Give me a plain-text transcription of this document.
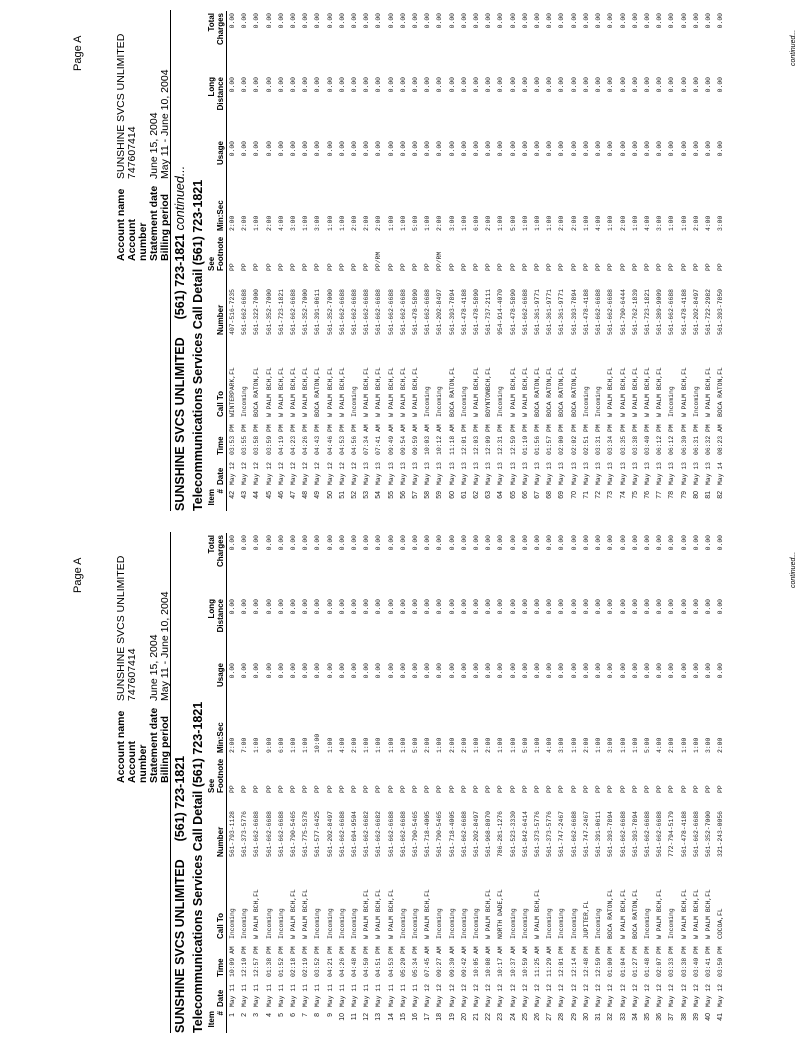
Page A
Account name
SUNSHINE SVCS UNLIMITED
Account number
747607414
Statement date
June 15, 2004
Billing period
May 11 - June 10, 2004
SUNSHINE SVCS UNLIMITED(561) 723-1821 Telecommunications Services Call Detail (561) 723-1821 Item #	Date	Time	Call To	Number	See
Footnote	Min:Sec	Usage	Long
Distance	Total
Charges
1	May 11	10:09 AM	Incoming	561-793-1128	PP	2:00	0.00	0.00	0.00
2	May 11	12:10 PM	Incoming	561-373-5776	PP	7:00	0.00	0.00	0.00
3	May 11	12:57 PM	W PALM BCH,FL	561-662-6688	PP	1:00	0.00	0.00	0.00
4	May 11	01:38 PM	Incoming	561-662-6688	PP	9:00	0.00	0.00	0.00
5	May 11	01:52 PM	Incoming	561-662-6688	PP	6:00	0.00	0.00	0.00
6	May 11	02:18 PM	W PALM BCH,FL	561-790-5465	PP	1:00	0.00	0.00	0.00
7	May 11	02:19 PM	W PALM BCH,FL	561-775-5378	PP	1:00	0.00	0.00	0.00
8	May 11	03:52 PM	Incoming	561-577-6425	PP	10:00	0.00	0.00	0.00
9	May 11	04:21 PM	Incoming	561-202-8497	PP	1:00	0.00	0.00	0.00
10	May 11	04:26 PM	Incoming	561-662-6688	PP	4:00	0.00	0.00	0.00
11	May 11	04:48 PM	Incoming	561-694-9504	PP	2:00	0.00	0.00	0.00
12	May 11	04:50 PM	W PALM BCH,FL	561-662-6682	PP	1:00	0.00	0.00	0.00
13	May 11	04:51 PM	W PALM BCH,FL	561-662-6682	PP	1:00	0.00	0.00	0.00
14	May 11	04:53 PM	W PALM BCH,FL	561-662-6688	PP	1:00	0.00	0.00	0.00
15	May 11	05:20 PM	Incoming	561-662-6688	PP	1:00	0.00	0.00	0.00
16	May 11	05:34 PM	Incoming	561-790-5465	PP	5:00	0.00	0.00	0.00
17	May 12	07:45 AM	W PALM BCH,FL	561-718-4005	PP	2:00	0.00	0.00	0.00
18	May 12	09:27 AM	Incoming	561-790-5465	PP	1:00	0.00	0.00	0.00
19	May 12	09:30 AM	Incoming	561-718-4005	PP	2:00	0.00	0.00	0.00
20	May 12	09:42 AM	Incoming	561-662-6688	PP	2:00	0.00	0.00	0.00
21	May 12	10:05 AM	Incoming	561-202-8497	PP	1:00	0.00	0.00	0.00
22	May 12	10:08 AM	W PALM BCH,FL	561-968-8070	PP	2:00	0.00	0.00	0.00
23	May 12	10:17 AM	NORTH DADE,FL	786-281-1276	PP	1:00	0.00	0.00	0.00
24	May 12	10:37 AM	Incoming	561-523-3330	PP	1:00	0.00	0.00	0.00
25	May 12	10:59 AM	Incoming	561-842-6414	PP	5:00	0.00	0.00	0.00
26	May 12	11:25 AM	W PALM BCH,FL	561-373-5776	PP	1:00	0.00	0.00	0.00
27	May 12	11:29 AM	Incoming	561-373-5776	PP	4:00	0.00	0.00	0.00
28	May 12	12:01 PM	Incoming	561-747-2467	PP	3:00	0.00	0.00	0.00
29	May 12	12:14 PM	Incoming	561-662-6688	PP	1:00	0.00	0.00	0.00
30	May 12	12:48 PM	JUPITER,FL	561-747-2467	PP	2:00	0.00	0.00	0.00
31	May 12	12:59 PM	Incoming	561-391-0611	PP	1:00	0.00	0.00	0.00
32	May 12	01:00 PM	BOCA RATON,FL	561-393-7894	PP	3:00	0.00	0.00	0.00
33	May 12	01:04 PM	W PALM BCH,FL	561-662-6688	PP	1:00	0.00	0.00	0.00
34	May 12	01:27 PM	BOCA RATON,FL	561-393-7894	PP	1:00	0.00	0.00	0.00
35	May 12	01:48 PM	Incoming	561-662-6688	PP	5:00	0.00	0.00	0.00
36	May 12	02:07 PM	W PALM BCH,FL	561-662-6688	PP	4:00	0.00	0.00	0.00
37	May 12	03:33 PM	Incoming	772-794-5179	PP	2:00	0.00	0.00	0.00
38	May 12	03:38 PM	W PALM BCH,FL	561-478-4188	PP	1:00	0.00	0.00	0.00
39	May 12	03:40 PM	W PALM BCH,FL	561-662-6688	PP	1:00	0.00	0.00	0.00
40	May 12	03:41 PM	W PALM BCH,FL	561-352-7000	PP	3:00	0.00	0.00	0.00
41	May 12	03:50 PM	COCOA,FL	321-243-0056	PP	2:00	0.00	0.00	0.00
continued...
Page A
Account name
SUNSHINE SVCS UNLIMITED
Account number
747607414
Statement date
June 15, 2004
Billing period
May 11 - June 10, 2004
SUNSHINE SVCS UNLIMITED(561) 723-1821 continued... Telecommunications Services Call Detail (561) 723-1821 Item #	Date	Time	Call To	Number	See
Footnote	Min:Sec	Usage	Long
Distance	Total
Charges
42	May 12	03:53 PM	WINTERPARK,FL	407-516-7235	PP	2:00	0.00	0.00	0.00
43	May 12	03:55 PM	Incoming	561-662-6688	PP	2:00	0.00	0.00	0.00
44	May 12	03:58 PM	BOCA RATON,FL	561-322-7000	PP	1:00	0.00	0.00	0.00
45	May 12	03:59 PM	W PALM BCH,FL	561-352-7000	PP	2:00	0.00	0.00	0.00
46	May 12	04:19 PM	W PALM BCH,FL	561-723-1821	PP	4:00	0.00	0.00	0.00
47	May 12	04:23 PM	W PALM BCH,FL	561-662-6688	PP	3:00	0.00	0.00	0.00
48	May 12	04:26 PM	W PALM BCH,FL	561-352-7000	PP	1:00	0.00	0.00	0.00
49	May 12	04:43 PM	BOCA RATON,FL	561-391-0611	PP	3:00	0.00	0.00	0.00
50	May 12	04:46 PM	W PALM BCH,FL	561-352-7000	PP	1:00	0.00	0.00	0.00
51	May 12	04:53 PM	W PALM BCH,FL	561-662-6688	PP	1:00	0.00	0.00	0.00
52	May 12	04:56 PM	Incoming	561-662-6688	PP	2:00	0.00	0.00	0.00
53	May 13	07:34 AM	W PALM BCH,FL	561-662-6688	PP	2:00	0.00	0.00	0.00
54	May 13	07:41 AM	W PALM BCH,FL	561-662-6688	PP/RM	2:00	0.00	0.00	0.00
55	May 13	09:49 AM	W PALM BCH,FL	561-662-6688	PP	1:00	0.00	0.00	0.00
56	May 13	09:54 AM	W PALM BCH,FL	561-662-6688	PP	1:00	0.00	0.00	0.00
57	May 13	09:59 AM	W PALM BCH,FL	561-478-5890	PP	5:00	0.00	0.00	0.00
58	May 13	10:03 AM	Incoming	561-662-6688	PP	1:00	0.00	0.00	0.00
59	May 13	10:12 AM	Incoming	561-202-8497	PP/RM	2:00	0.00	0.00	0.00
60	May 13	11:18 AM	BOCA RATON,FL	561-393-7894	PP	3:00	0.00	0.00	0.00
61	May 13	12:01 PM	Incoming	561-478-4188	PP	1:00	0.00	0.00	0.00
62	May 13	12:03 PM	W PALM BCH,FL	561-478-5890	PP	6:00	0.00	0.00	0.00
63	May 13	12:09 PM	BOYNTONBCH,FL	561-737-2111	PP	2:00	0.00	0.00	0.00
64	May 13	12:31 PM	Incoming	954-914-4070	PP	1:00	0.00	0.00	0.00
65	May 13	12:59 PM	W PALM BCH,FL	561-478-5890	PP	5:00	0.00	0.00	0.00
66	May 13	01:10 PM	W PALM BCH,FL	561-662-6688	PP	1:00	0.00	0.00	0.00
67	May 13	01:56 PM	BOCA RATON,FL	561-361-9771	PP	1:00	0.00	0.00	0.00
68	May 13	01:57 PM	BOCA RATON,FL	561-361-9771	PP	1:00	0.00	0.00	0.00
69	May 13	02:00 PM	BOCA RATON,FL	561-361-9771	PP	2:00	0.00	0.00	0.00
70	May 13	02:02 PM	BOCA RATON,FL	561-393-7894	PP	2:00	0.00	0.00	0.00
71	May 13	02:51 PM	Incoming	561-478-4188	PP	1:00	0.00	0.00	0.00
72	May 13	03:31 PM	Incoming	561-662-6688	PP	4:00	0.00	0.00	0.00
73	May 13	03:34 PM	W PALM BCH,FL	561-662-6688	PP	1:00	0.00	0.00	0.00
74	May 13	03:35 PM	W PALM BCH,FL	561-790-6444	PP	2:00	0.00	0.00	0.00
75	May 13	03:38 PM	W PALM BCH,FL	561-762-1839	PP	1:00	0.00	0.00	0.00
76	May 13	03:40 PM	W PALM BCH,FL	561-723-1821	PP	4:00	0.00	0.00	0.00
77	May 13	06:12 PM	W PALM BCH,FL	561-389-9009	PP	3:00	0.00	0.00	0.00
78	May 13	06:12 PM	Incoming	561-662-6688	PP	1:00	0.00	0.00	0.00
79	May 13	06:30 PM	W PALM BCH,FL	561-478-4188	PP	1:00	0.00	0.00	0.00
80	May 13	06:31 PM	Incoming	561-202-8497	PP	2:00	0.00	0.00	0.00
81	May 13	06:32 PM	W PALM BCH,FL	561-722-2982	PP	4:00	0.00	0.00	0.00
82	May 14	08:23 AM	BOCA RATON,FL	561-393-7850	PP	3:00	0.00	0.00	0.00
continued...
